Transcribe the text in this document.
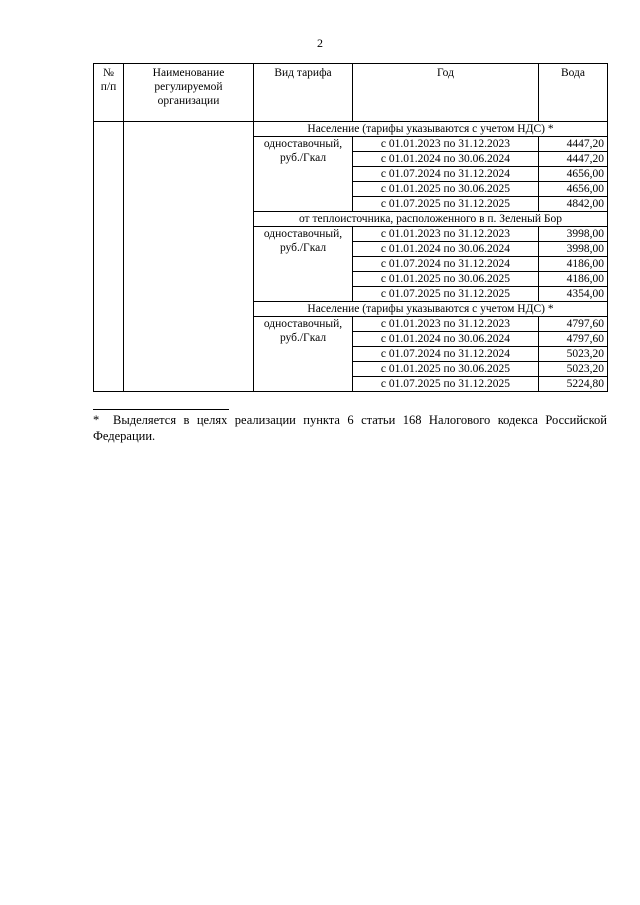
2
№ п/п	Наименование регулируемой организации	Вид тарифа	Год	Вода
		Население (тарифы указываются с учетом НДС) *		
		одноставочный, руб./Гкал	с 01.01.2023 по 31.12.2023	4447,20
			с 01.01.2024 по 30.06.2024	4447,20
			с 01.07.2024 по 31.12.2024	4656,00
			с 01.01.2025 по 30.06.2025	4656,00
			с 01.07.2025 по 31.12.2025	4842,00
		от теплоисточника, расположенного в п. Зеленый Бор		
		одноставочный, руб./Гкал	с 01.01.2023 по 31.12.2023	3998,00
			с 01.01.2024 по 30.06.2024	3998,00
			с 01.07.2024 по 31.12.2024	4186,00
			с 01.01.2025 по 30.06.2025	4186,00
			с 01.07.2025 по 31.12.2025	4354,00
		Население (тарифы указываются с учетом НДС) *		
		одноставочный, руб./Гкал	с 01.01.2023 по 31.12.2023	4797,60
			с 01.01.2024 по 30.06.2024	4797,60
			с 01.07.2024 по 31.12.2024	5023,20
			с 01.01.2025 по 30.06.2025	5023,20
			с 01.07.2025 по 31.12.2025	5224,80
* Выделяется в целях реализации пункта 6 статьи 168 Налогового кодекса Российской Федерации.
